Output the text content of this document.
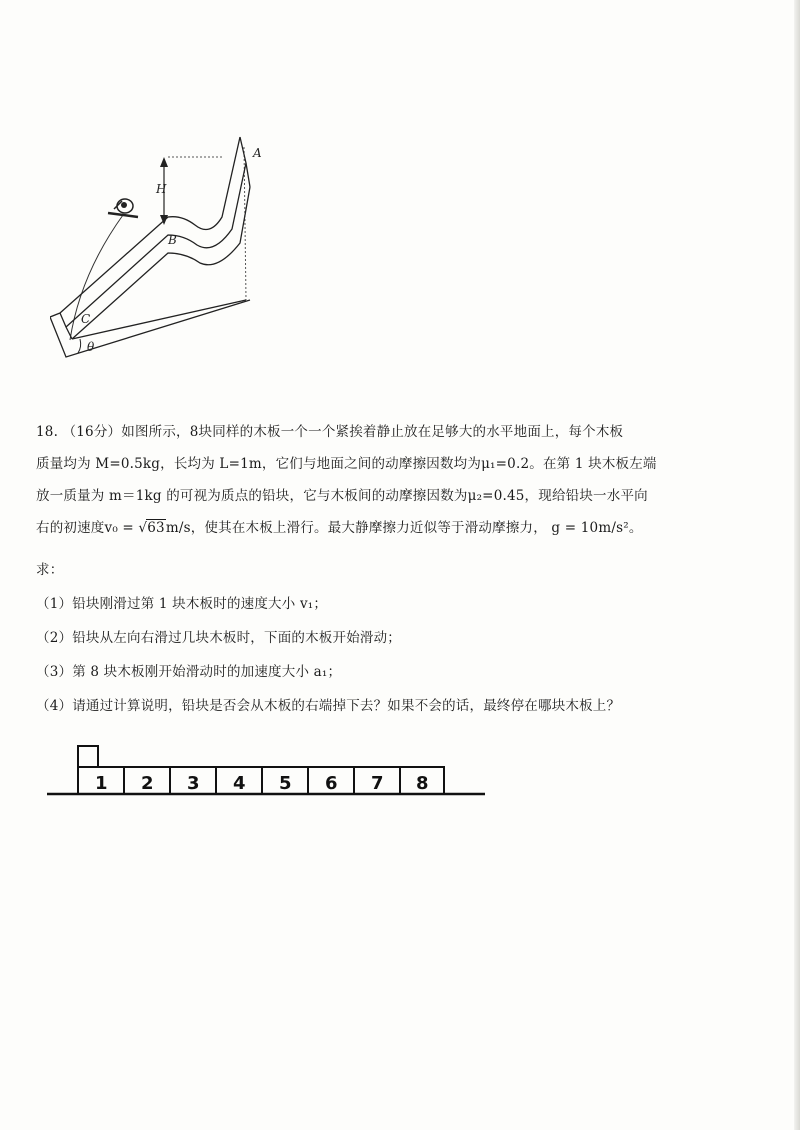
A
B
C
H
θ
18. （16分）如图所示，8块同样的木板一个一个紧挨着静止放在足够大的水平地面上，每个木板
质量均为 M=0.5kg，长均为 L=1m，它们与地面之间的动摩擦因数均为μ₁=0.2。在第 1 块木板左端
放一质量为 m＝1kg 的可视为质点的铅块，它与木板间的动摩擦因数为μ₂=0.45，现给铅块一水平向
右的初速度v₀ = √63m/s，使其在木板上滑行。最大静摩擦力近似等于滑动摩擦力， g = 10m/s²。
求：
（1）铅块刚滑过第 1 块木板时的速度大小 v₁；
（2）铅块从左向右滑过几块木板时，下面的木板开始滑动；
（3）第 8 块木板刚开始滑动时的加速度大小 a₁；
（4）请通过计算说明，铅块是否会从木板的右端掉下去？如果不会的话，最终停在哪块木板上？
1 2 3 4 5 6 7 8
